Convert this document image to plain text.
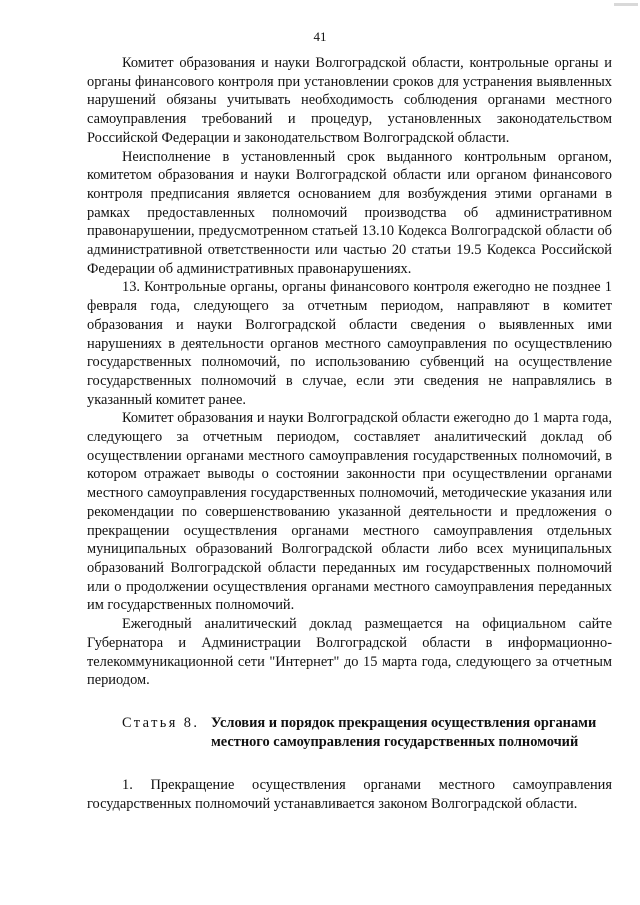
41

Комитет образования и науки Волгоградской области, контрольные органы и органы финансового контроля при установлении сроков для устранения выявленных нарушений обязаны учитывать необходимость соблюдения органами местного самоуправления требований и процедур, установленных законодательством Российской Федерации и законодательством Волгоградской области.

Неисполнение в установленный срок выданного контрольным органом, комитетом образования и науки Волгоградской области или органом финансового контроля предписания является основанием для возбуждения этими органами в рамках предоставленных полномочий производства об административном правонарушении, предусмотренном статьей 13.10 Кодекса Волгоградской области об административной ответственности или частью 20 статьи 19.5 Кодекса Российской Федерации об административных правонарушениях.

13. Контрольные органы, органы финансового контроля ежегодно не позднее 1 февраля года, следующего за отчетным периодом, направляют в комитет образования и науки Волгоградской области сведения о выявленных ими нарушениях в деятельности органов местного самоуправления по осуществлению государственных полномочий, по использованию субвенций на осуществление государственных полномочий в случае, если эти сведения не направлялись в указанный комитет ранее.

Комитет образования и науки Волгоградской области ежегодно до 1 марта года, следующего за отчетным периодом, составляет аналитический доклад об осуществлении органами местного самоуправления государственных полномочий, в котором отражает выводы о состоянии законности при осуществлении органами местного самоуправления государственных полномочий, методические указания или рекомендации по совершенствованию указанной деятельности и предложения о прекращении осуществления органами местного самоуправления отдельных муниципальных образований Волгоградской области либо всех муниципальных образований Волгоградской области переданных им государственных полномочий или о продолжении осуществления органами местного самоуправления переданных им государственных полномочий.

Ежегодный аналитический доклад размещается на официальном сайте Губернатора и Администрации Волгоградской области в информационно-телекоммуникационной сети "Интернет" до 15 марта года, следующего за отчетным периодом.

Статья 8. Условия и порядок прекращения осуществления органами местного самоуправления государственных полномочий

1. Прекращение осуществления органами местного самоуправления государственных полномочий устанавливается законом Волгоградской области.
